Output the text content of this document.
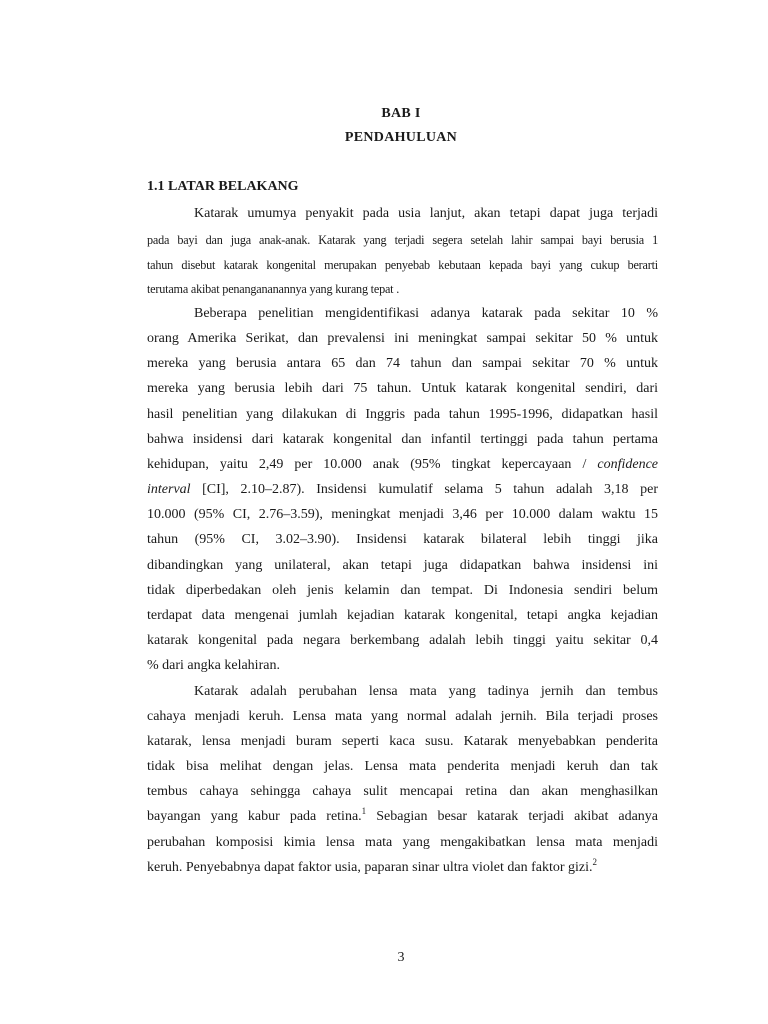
BAB I
PENDAHULUAN
1.1 LATAR BELAKANG
Katarak umumya penyakit pada usia lanjut, akan tetapi dapat juga terjadi
pada bayi dan juga anak-anak. Katarak yang terjadi segera setelah lahir sampai bayi berusia 1
tahun disebut katarak kongenital merupakan penyebab kebutaan kepada bayi yang cukup berarti
terutama akibat penangananannya yang kurang tepat .
Beberapa penelitian mengidentifikasi adanya katarak pada sekitar 10 %
orang Amerika Serikat, dan prevalensi ini meningkat sampai sekitar 50 % untuk
mereka yang berusia antara 65 dan 74 tahun dan sampai sekitar 70 % untuk
mereka yang berusia lebih dari 75 tahun. Untuk katarak kongenital sendiri, dari
hasil penelitian yang dilakukan di Inggris pada tahun 1995-1996, didapatkan hasil
bahwa insidensi dari katarak kongenital dan infantil tertinggi pada tahun pertama
kehidupan, yaitu 2,49 per 10.000 anak (95% tingkat kepercayaan / confidence
interval [CI], 2.10–2.87). Insidensi kumulatif selama 5 tahun adalah 3,18 per
10.000 (95% CI, 2.76–3.59), meningkat menjadi 3,46 per 10.000 dalam waktu 15
tahun (95% CI, 3.02–3.90). Insidensi katarak bilateral lebih tinggi jika
dibandingkan yang unilateral, akan tetapi juga didapatkan bahwa insidensi ini
tidak diperbedakan oleh jenis kelamin dan tempat. Di Indonesia sendiri belum
terdapat data mengenai jumlah kejadian katarak kongenital, tetapi angka kejadian
katarak kongenital pada negara berkembang adalah lebih tinggi yaitu sekitar 0,4
% dari angka kelahiran.
Katarak adalah perubahan lensa mata yang tadinya jernih dan tembus
cahaya menjadi keruh. Lensa mata yang normal adalah jernih. Bila terjadi proses
katarak, lensa menjadi buram seperti kaca susu. Katarak menyebabkan penderita
tidak bisa melihat dengan jelas. Lensa mata penderita menjadi keruh dan tak
tembus cahaya sehingga cahaya sulit mencapai retina dan akan menghasilkan
bayangan yang kabur pada retina.$^1$ Sebagian besar katarak terjadi akibat adanya
perubahan komposisi kimia lensa mata yang mengakibatkan lensa mata menjadi
keruh. Penyebabnya dapat faktor usia, paparan sinar ultra violet dan faktor gizi.$^2$
3
